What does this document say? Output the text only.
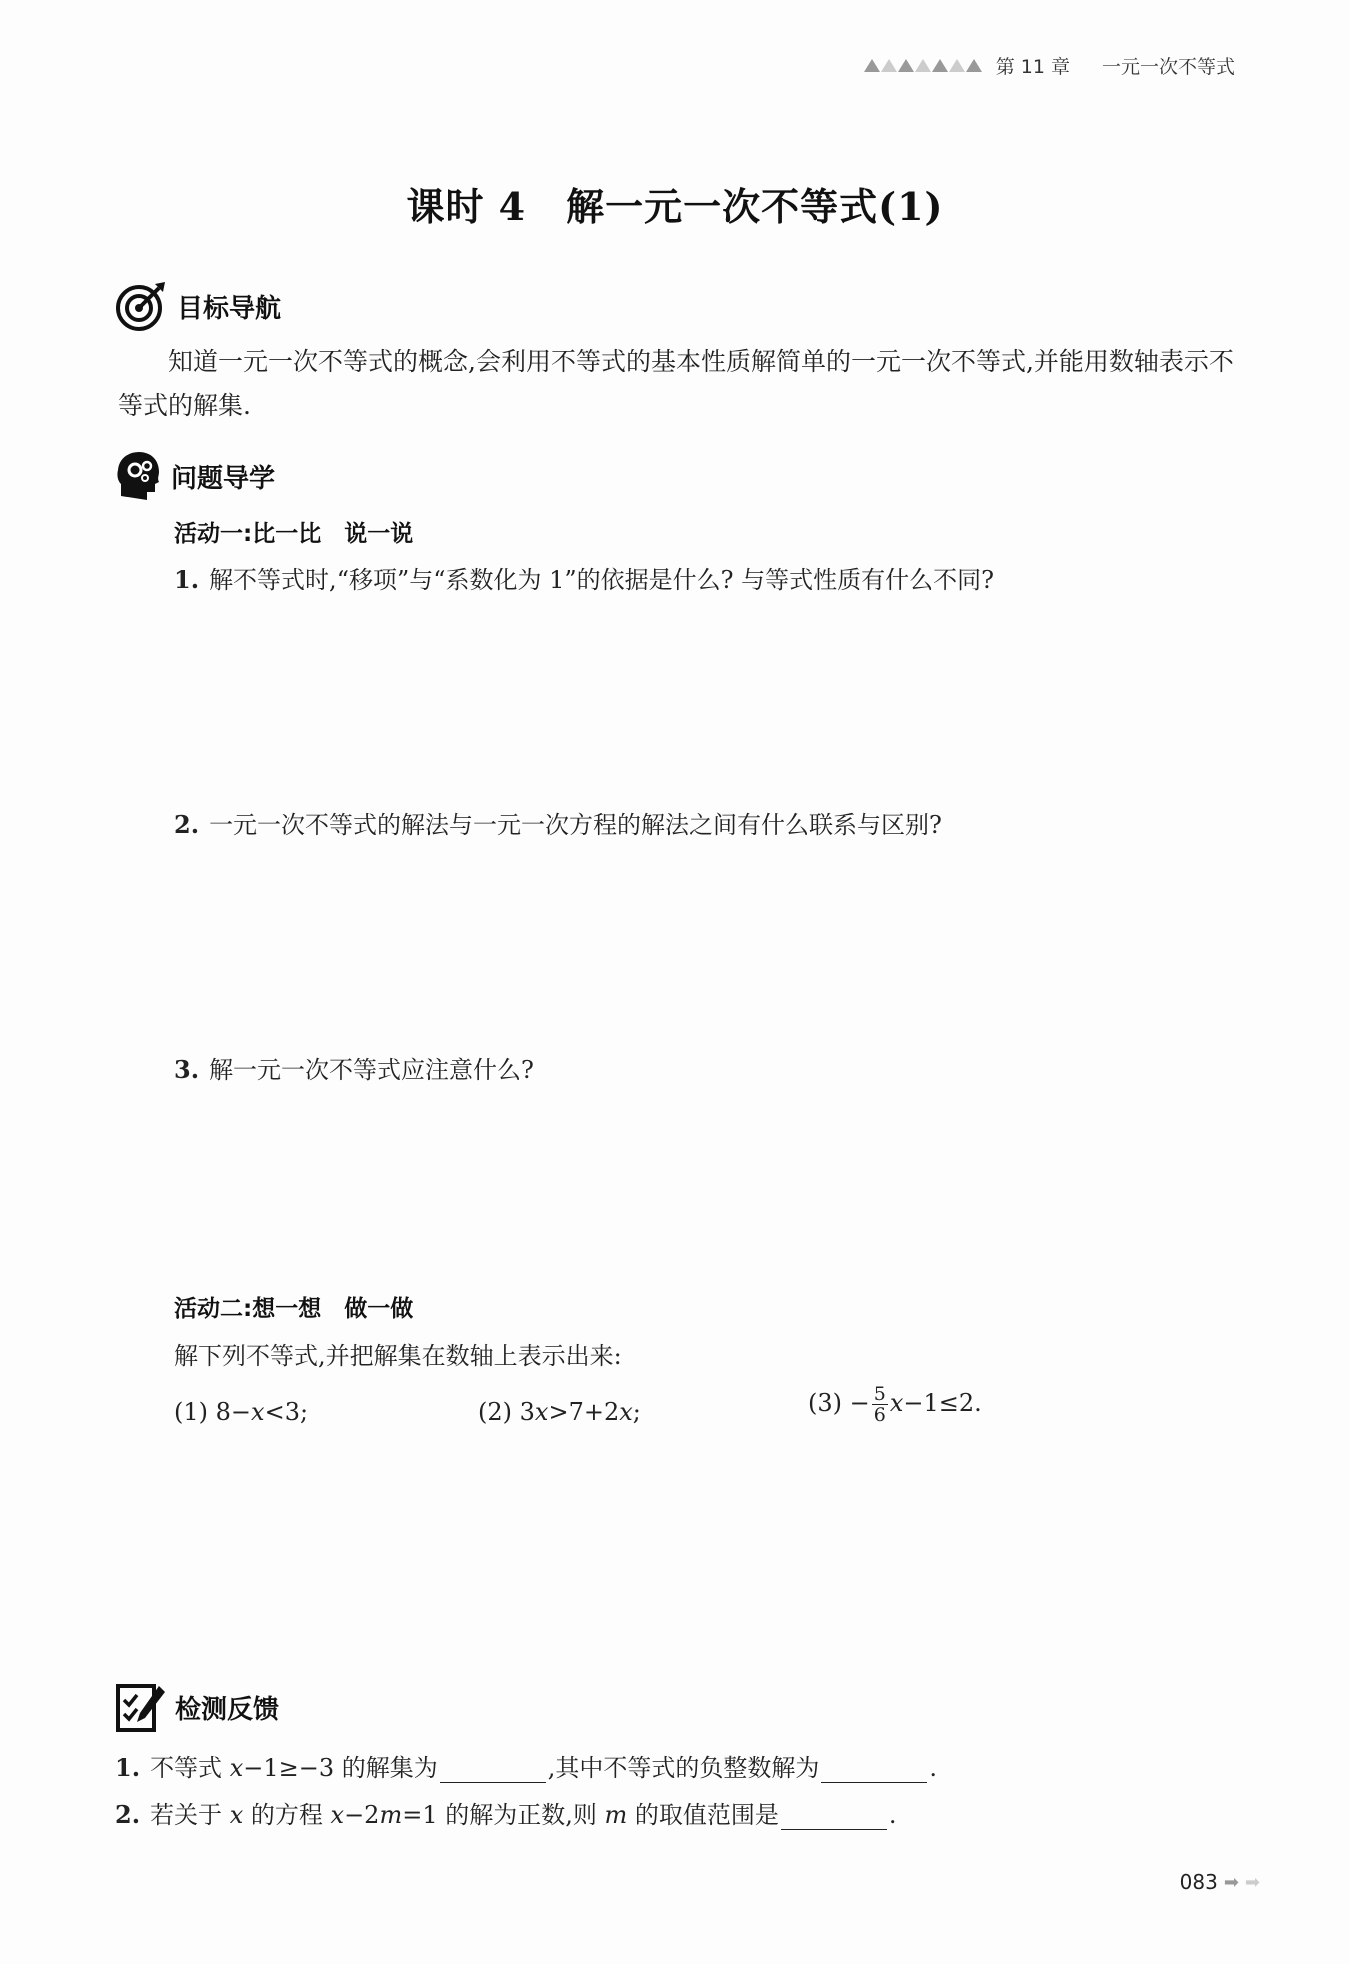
第 11 章 一元一次不等式
课时 4 解一元一次不等式(1)
目标导航
知道一元一次不等式的概念,会利用不等式的基本性质解简单的一元一次不等式,并能用数轴表示不等式的解集.
问题导学
活动一:比一比　说一说
1. 解不等式时,“移项”与“系数化为 1”的依据是什么? 与等式性质有什么不同?
2. 一元一次不等式的解法与一元一次方程的解法之间有什么联系与区别?
3. 解一元一次不等式应注意什么?
活动二:想一想　做一做
解下列不等式,并把解集在数轴上表示出来:
(1) 8−x<3;	(2) 3x>7+2x;	$(3) - \frac{5}{6} x-1\le 2$.
检测反馈
1. 不等式 x−1≥−3 的解集为	,其中不等式的负整数解为	.
2. 若关于 x 的方程 x−2m=1 的解为正数,则 m 的取值范围是	.
083 ➡ ➡
